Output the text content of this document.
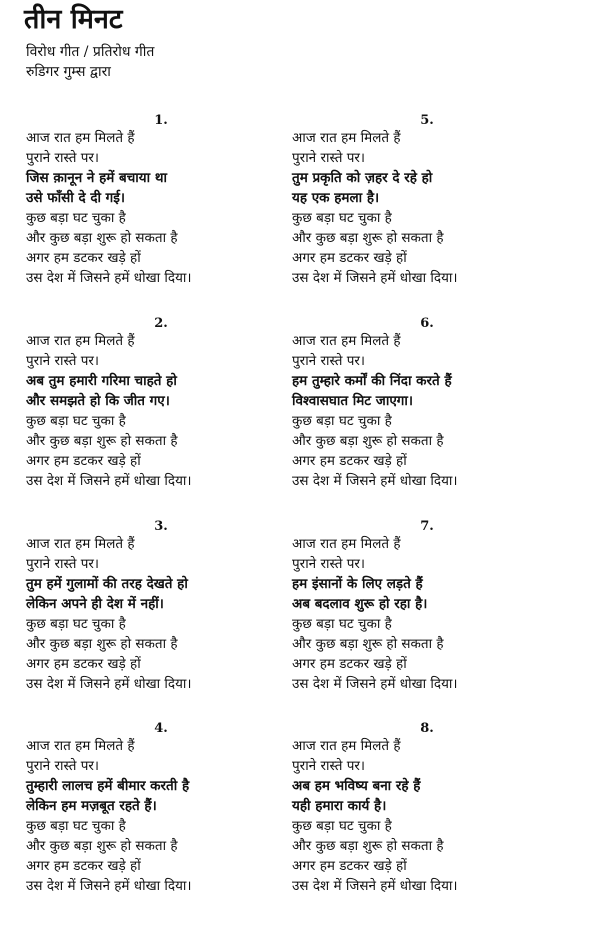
तीन मिनट
विरोध गीत / प्रतिरोध गीत
रुडिगर गुम्स द्वारा
1.
आज रात हम मिलते हैं
पुराने रास्ते पर।
जिस क़ानून ने हमें बचाया था
उसे फाँसी दे दी गई।
कुछ बड़ा घट चुका है
और कुछ बड़ा शुरू हो सकता है
अगर हम डटकर खड़े हों
उस देश में जिसने हमें धोखा दिया।
2.
आज रात हम मिलते हैं
पुराने रास्ते पर।
अब तुम हमारी गरिमा चाहते हो
और समझते हो कि जीत गए।
कुछ बड़ा घट चुका है
और कुछ बड़ा शुरू हो सकता है
अगर हम डटकर खड़े हों
उस देश में जिसने हमें धोखा दिया।
3.
आज रात हम मिलते हैं
पुराने रास्ते पर।
तुम हमें गुलामों की तरह देखते हो
लेकिन अपने ही देश में नहीं।
कुछ बड़ा घट चुका है
और कुछ बड़ा शुरू हो सकता है
अगर हम डटकर खड़े हों
उस देश में जिसने हमें धोखा दिया।
4.
आज रात हम मिलते हैं
पुराने रास्ते पर।
तुम्हारी लालच हमें बीमार करती है
लेकिन हम मज़बूत रहते हैं।
कुछ बड़ा घट चुका है
और कुछ बड़ा शुरू हो सकता है
अगर हम डटकर खड़े हों
उस देश में जिसने हमें धोखा दिया।
5.
आज रात हम मिलते हैं
पुराने रास्ते पर।
तुम प्रकृति को ज़हर दे रहे हो
यह एक हमला है।
कुछ बड़ा घट चुका है
और कुछ बड़ा शुरू हो सकता है
अगर हम डटकर खड़े हों
उस देश में जिसने हमें धोखा दिया।
6.
आज रात हम मिलते हैं
पुराने रास्ते पर।
हम तुम्हारे कर्मों की निंदा करते हैं
विश्वासघात मिट जाएगा।
कुछ बड़ा घट चुका है
और कुछ बड़ा शुरू हो सकता है
अगर हम डटकर खड़े हों
उस देश में जिसने हमें धोखा दिया।
7.
आज रात हम मिलते हैं
पुराने रास्ते पर।
हम इंसानों के लिए लड़ते हैं
अब बदलाव शुरू हो रहा है।
कुछ बड़ा घट चुका है
और कुछ बड़ा शुरू हो सकता है
अगर हम डटकर खड़े हों
उस देश में जिसने हमें धोखा दिया।
8.
आज रात हम मिलते हैं
पुराने रास्ते पर।
अब हम भविष्य बना रहे हैं
यही हमारा कार्य है।
कुछ बड़ा घट चुका है
और कुछ बड़ा शुरू हो सकता है
अगर हम डटकर खड़े हों
उस देश में जिसने हमें धोखा दिया।
